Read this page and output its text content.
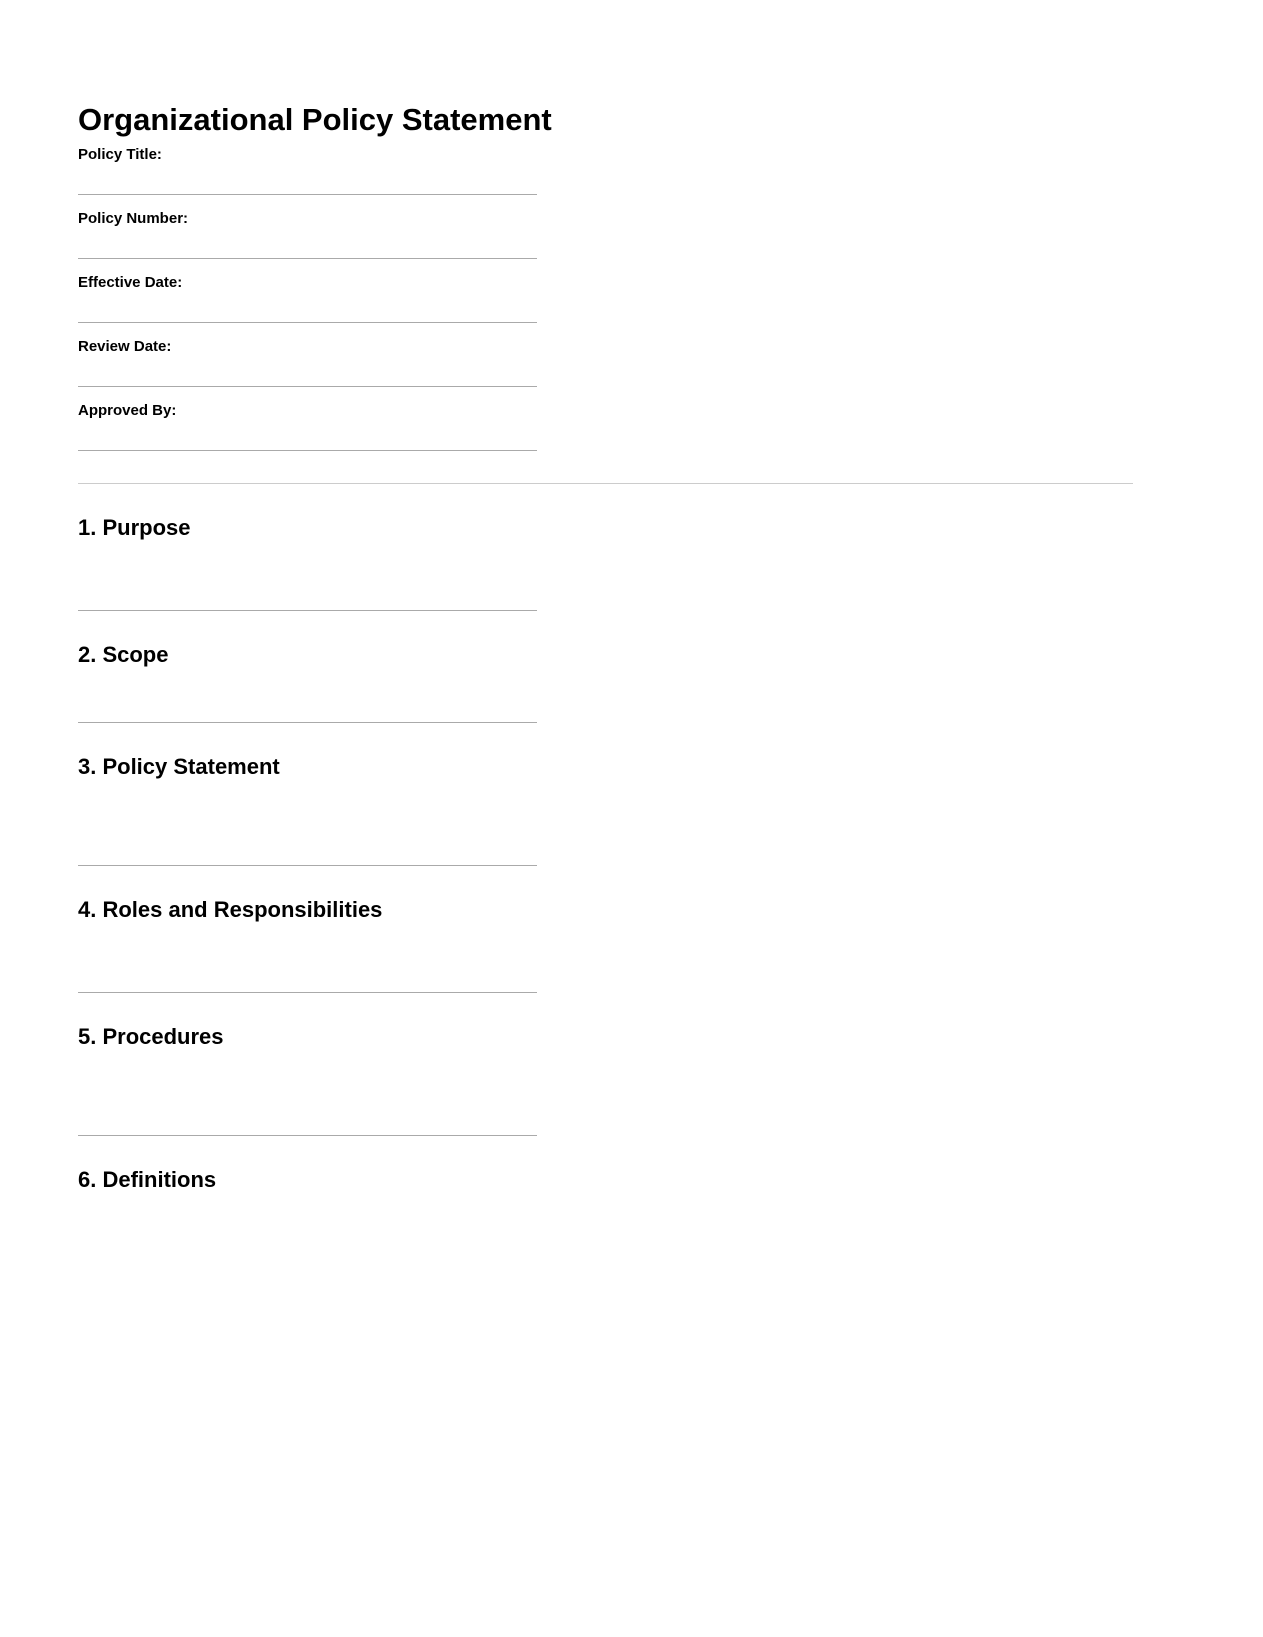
Organizational Policy Statement
Policy Title:
Policy Number:
Effective Date:
Review Date:
Approved By:
1. Purpose
2. Scope
3. Policy Statement
4. Roles and Responsibilities
5. Procedures
6. Definitions
